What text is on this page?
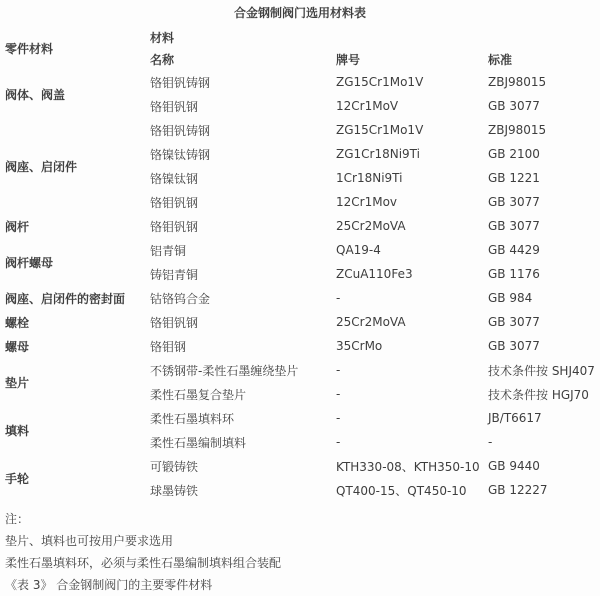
合金钢制阀门选用材料表
零件材料	材料		
	名称	牌号	标准
阀体、阀盖	铬钼钒铸钢	ZG15Cr1Mo1V	ZBJ98015
	铬钼钒钢	12Cr1MoV	GB 3077
阀座、启闭件	铬钼钒铸钢	ZG15Cr1Mo1V	ZBJ98015
	铬镍钛铸钢	ZG1Cr18Ni9Ti	GB 2100
	铬镍钛钢	1Cr18Ni9Ti	GB 1221
	铬钼钒钢	12Cr1Mov	GB 3077
阀杆	铬钼钒钢	25Cr2MoVA	GB 3077
阀杆螺母	铝青铜	QA19-4	GB 4429
	铸铝青铜	ZCuA110Fe3	GB 1176
阀座、启闭件的密封面	钴铬钨合金	-	GB 984
螺栓	铬钼钒钢	25Cr2MoVA	GB 3077
螺母	铬钼钢	35CrMo	GB 3077
垫片	不锈钢带-柔性石墨缠绕垫片	-	技术条件按 SHJ407
	柔性石墨复合垫片	-	技术条件按 HGJ70
填料	柔性石墨填料环	-	JB/T6617
	柔性石墨编制填料	-	-
手轮	可锻铸铁	KTH330-08、KTH350-10	GB 9440
	球墨铸铁	QT400-15、QT450-10	GB 12227
注：
垫片、填料也可按用户要求选用
柔性石墨填料环，必须与柔性石墨编制填料组合装配
《表 3》 合金钢制阀门的主要零件材料
